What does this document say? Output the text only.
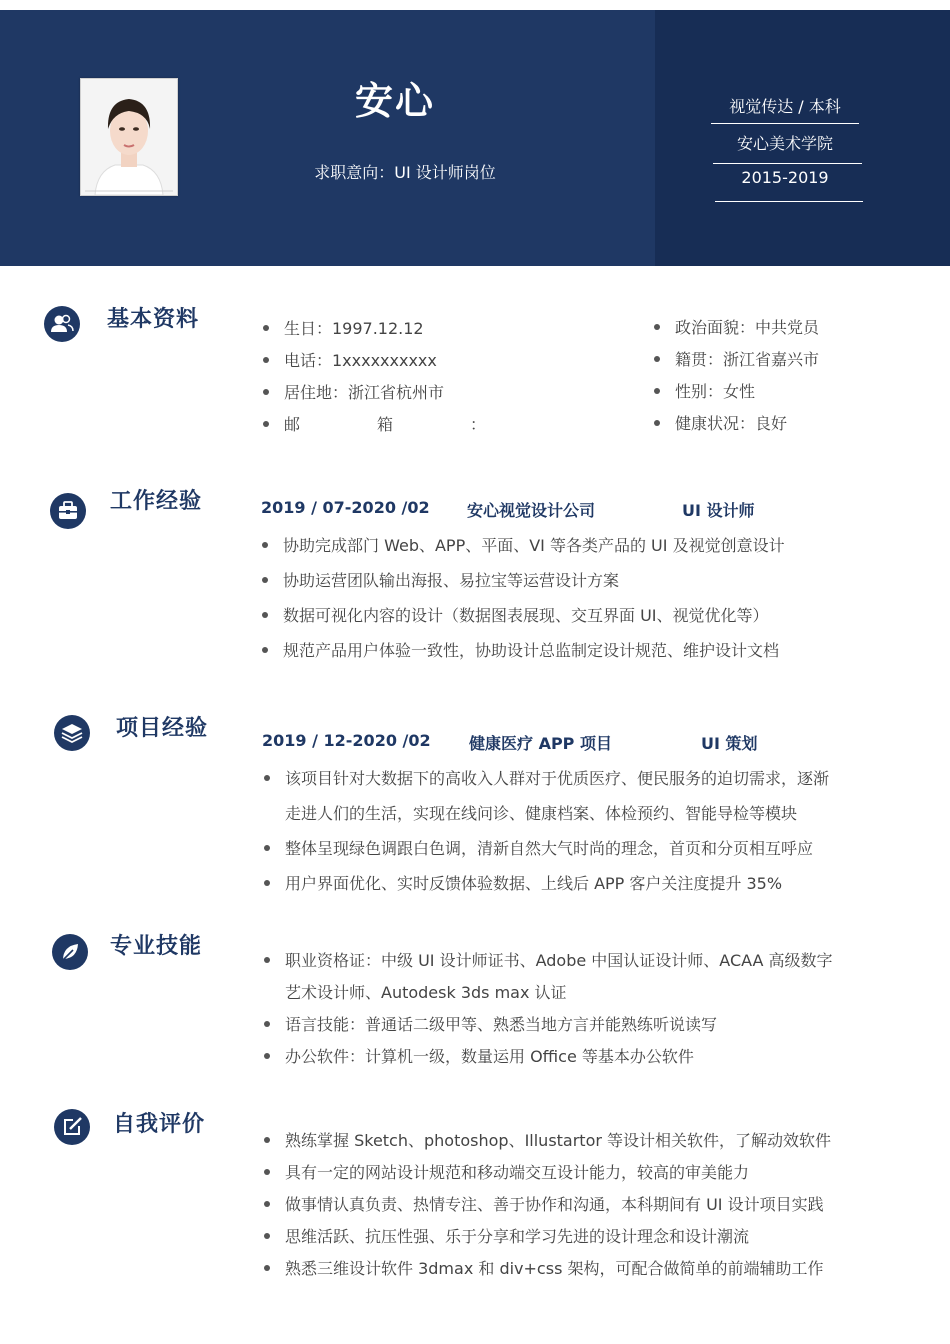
安心
求职意向：UI 设计师岗位
视觉传达 / 本科
安心美术学院
2015-2019
基本资料	生日：1997.12.12
电话：1xxxxxxxxxx
居住地：浙江省杭州市
邮	箱	：
政治面貌：中共党员
籍贯：浙江省嘉兴市
性别：女性
健康状况：良好
工作经验	2019 / 07-2020 /02 安心视觉设计公司	UI 设计师
协助完成部门 Web、APP、平面、VI 等各类产品的 UI 及视觉创意设计
协助运营团队输出海报、易拉宝等运营设计方案
数据可视化内容的设计（数据图表展现、交互界面 UI、视觉优化等）
规范产品用户体验一致性，协助设计总监制定设计规范、维护设计文档
项目经验	2019 / 12-2020 /02 健康医疗 APP 项目	UI 策划
该项目针对大数据下的高收入人群对于优质医疗、便民服务的迫切需求，逐渐
走进人们的生活，实现在线问诊、健康档案、体检预约、智能导检等模块
整体呈现绿色调跟白色调，清新自然大气时尚的理念，首页和分页相互呼应
用户界面优化、实时反馈体验数据、上线后 APP 客户关注度提升 35%
专业技能
职业资格证：中级 UI 设计师证书、Adobe 中国认证设计师、ACAA 高级数字
艺术设计师、Autodesk 3ds max 认证
语言技能：普通话二级甲等、熟悉当地方言并能熟练听说读写
办公软件：计算机一级，数量运用 Office 等基本办公软件
自我评价
熟练掌握 Sketch、photoshop、Illustartor 等设计相关软件，了解动效软件
具有一定的网站设计规范和移动端交互设计能力，较高的审美能力
做事情认真负责、热情专注、善于协作和沟通，本科期间有 UI 设计项目实践
思维活跃、抗压性强、乐于分享和学习先进的设计理念和设计潮流
熟悉三维设计软件 3dmax 和 div+css 架构，可配合做简单的前端辅助工作
